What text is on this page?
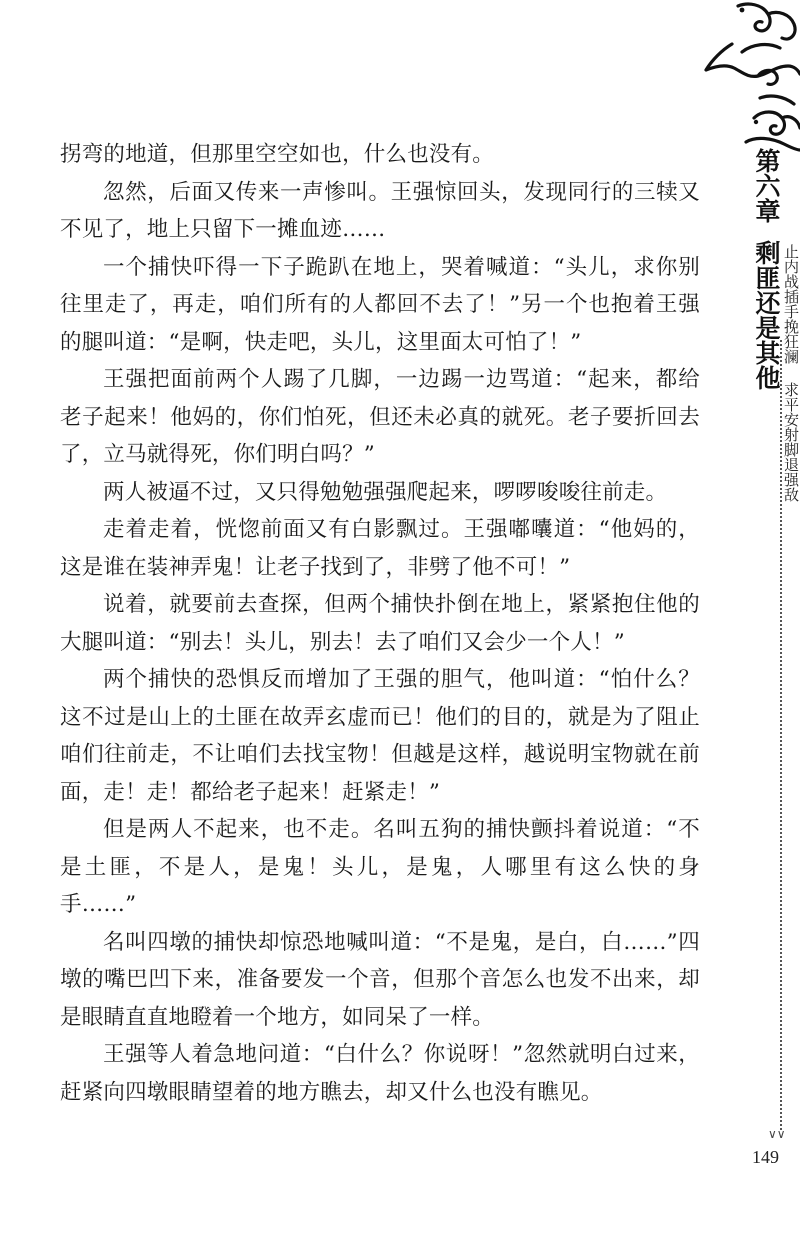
拐弯的地道，但那里空空如也，什么也没有。

忽然，后面又传来一声惨叫。王强惊回头，发现同行的三犊又不见了，地上只留下一摊血迹……

一个捕快吓得一下子跪趴在地上，哭着喊道：“头儿，求你别往里走了，再走，咱们所有的人都回不去了！”另一个也抱着王强的腿叫道：“是啊，快走吧，头儿，这里面太可怕了！”

王强把面前两个人踢了几脚，一边踢一边骂道：“起来，都给老子起来！他妈的，你们怕死，但还未必真的就死。老子要折回去了，立马就得死，你们明白吗？”

两人被逼不过，又只得勉勉强强爬起来，啰啰唆唆往前走。

走着走着，恍惚前面又有白影飘过。王强嘟囔道：“他妈的，这是谁在装神弄鬼！让老子找到了，非劈了他不可！”

说着，就要前去查探，但两个捕快扑倒在地上，紧紧抱住他的大腿叫道：“别去！头儿，别去！去了咱们又会少一个人！”

两个捕快的恐惧反而增加了王强的胆气，他叫道：“怕什么？这不过是山上的土匪在故弄玄虚而已！他们的目的，就是为了阻止咱们往前走，不让咱们去找宝物！但越是这样，越说明宝物就在前面，走！走！都给老子起来！赶紧走！”

但是两人不起来，也不走。名叫五狗的捕快颤抖着说道：“不是土匪，不是人，是鬼！头儿，是鬼，人哪里有这么快的身手……”

名叫四墩的捕快却惊恐地喊叫道：“不是鬼，是白，白……”四墩的嘴巴凹下来，准备要发一个音，但那个音怎么也发不出来，却是眼睛直直地瞪着一个地方，如同呆了一样。

王强等人着急地问道：“白什么？你说呀！”忽然就明白过来，赶紧向四墩眼睛望着的地方瞧去，却又什么也没有瞧见。

第六章
剩匪还是其他 止内战插手挽狂澜
求平安射脚退强敌
∨∨
149
